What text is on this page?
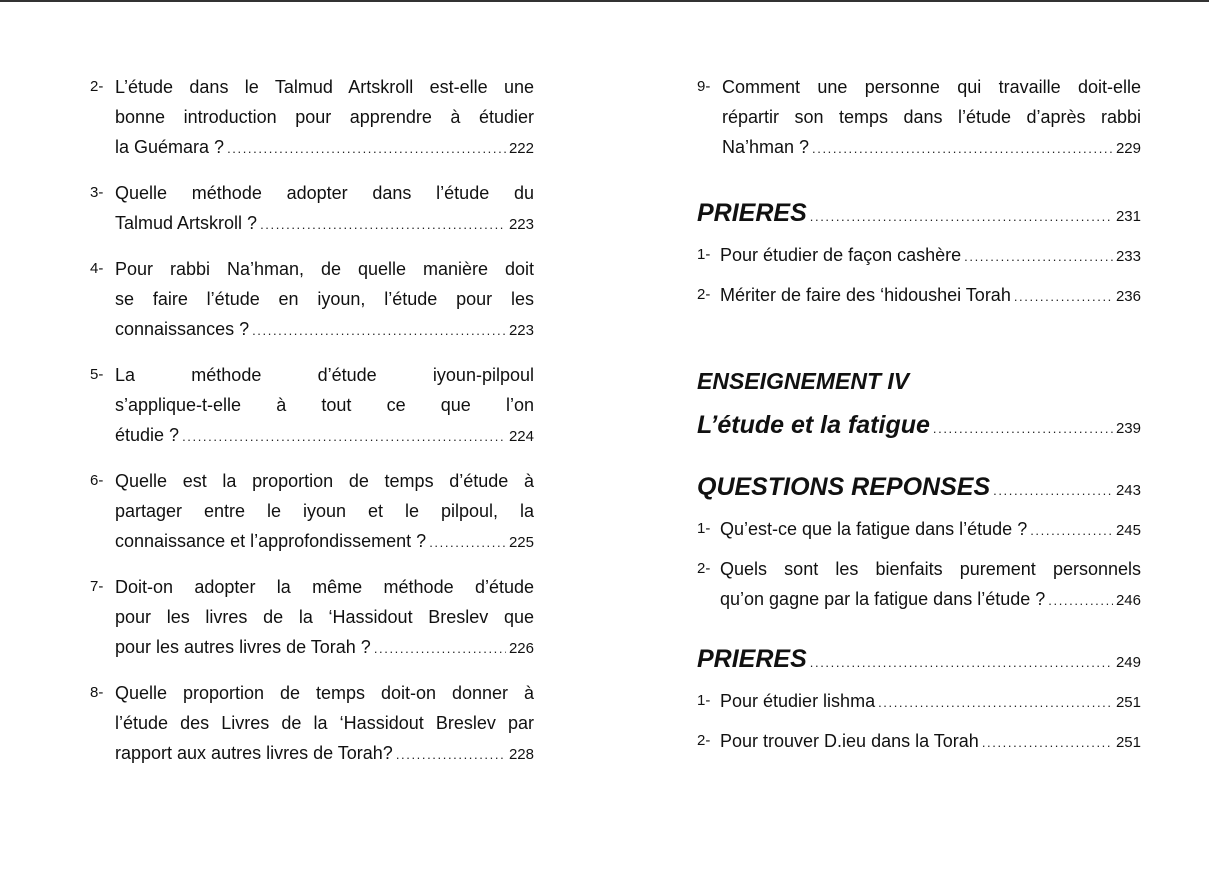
2- L’étude dans le Talmud Artskroll est-elle une
bonne introduction pour apprendre à étudier
la Guémara ? .....	222
3- Quelle méthode adopter dans l’étude du
Talmud Artskroll ? .....	223
4- Pour rabbi Na’hman, de quelle manière doit
se faire l’étude en iyoun, l’étude pour les
connaissances ? .....	223
5- La méthode d’étude iyoun-pilpoul
s’applique-t-elle à tout ce que l’on
étudie ? .....	224
6- Quelle est la proportion de temps d’étude à
partager entre le iyoun et le pilpoul, la
connaissance et l’approfondissement ? .....	225
7- Doit-on adopter la même méthode d’étude
pour les livres de la ‘Hassidout Breslev que
pour les autres livres de Torah ? .....	226
8- Quelle proportion de temps doit-on donner à
l’étude des Livres de la ‘Hassidout Breslev par
rapport aux autres livres de Torah? .....	228
9- Comment une personne qui travaille doit-elle
répartir son temps dans l’étude d’après rabbi
Na’hman ? .....	229
PRIERES .....	231
1- Pour étudier de façon cashère .....	233
2- Mériter de faire des ‘hidoushei Torah .....	236
ENSEIGNEMENT IV
L’étude et la fatigue .....	239
QUESTIONS REPONSES .....	243
1- Qu’est-ce que la fatigue dans l’étude ? .....	245
2- Quels sont les bienfaits purement personnels
qu’on gagne par la fatigue dans l’étude ? .....	246
PRIERES .....	249
1- Pour étudier lishma .....	251
2- Pour trouver D.ieu dans la Torah .....	251
